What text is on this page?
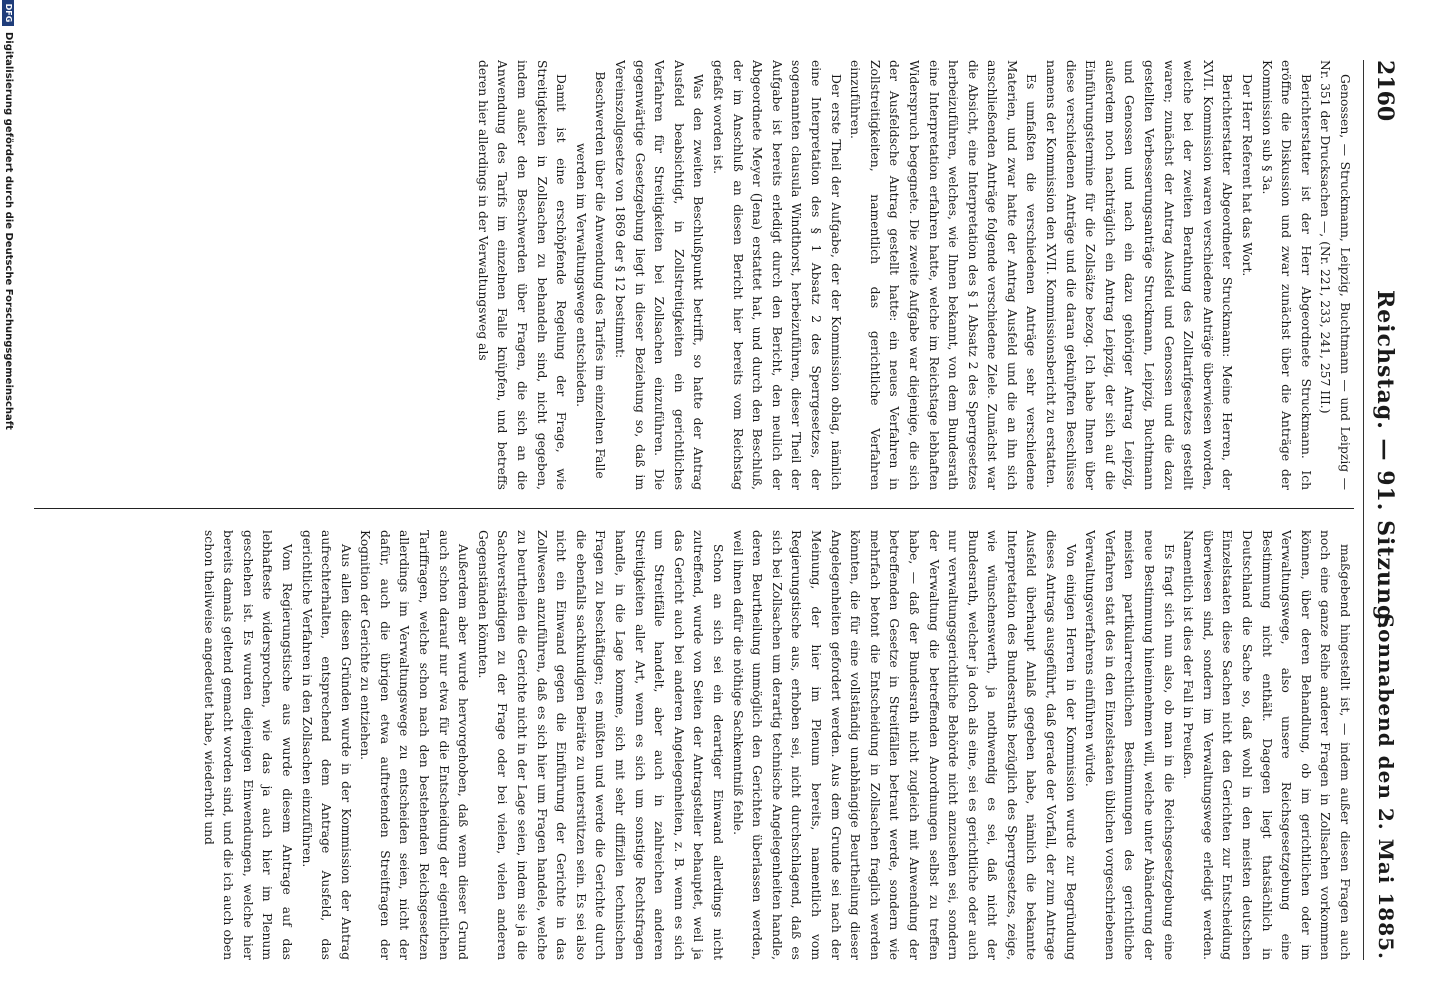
2160
Reichstag. — 91. Sitzung.
Sonnabend den 2. Mai 1885.

Genossen, — Struckmann, Leipzig, Buchtmann — und Leipzig — Nr. 351 der Drucksachen —, (Nr. 221, 233, 241, 257 III.)

Berichterstatter ist der Herr Abgeordnete Struckmann. Ich eröffne die Diskussion und zwar zunächst über die Anträge der Kommission sub § 3a.

Der Herr Referent hat das Wort.

Berichterstatter Abgeordneter Struckmann: Meine Herren, der XVII. Kommission waren verschiedene Anträge überwiesen worden, welche bei der zweiten Berathung des Zolltarifgesetzes gestellt waren; zunächst der Antrag Ausfeld und Genossen und die dazu gestellten Verbesserungsanträge Struckmann, Leipzig, Buchtmann und Genossen und nach ein dazu gehöriger Antrag Leipzig, außerdem noch nachträglich ein Antrag Leipzig, der sich auf die Einführungstermine für die Zollsätze bezog. Ich habe Ihnen über diese verschiedenen Anträge und die daran geknüpften Beschlüsse namens der Kommission den XVII. Kommissionsbericht zu erstatten.

Es umfaßten die verschiedenen Anträge sehr verschiedene Materien, und zwar hatte der Antrag Ausfeld und die an ihn sich anschließenden Anträge folgende verschiedene Ziele. Zunächst war die Absicht, eine Interpretation des § 1 Absatz 2 des Sperrgesetzes herbeizuführen, welches, wie Ihnen bekannt, von dem Bundesrath eine Interpretation erfahren hatte, welche im Reichstage lebhaften Widerspruch begegnete. Die zweite Aufgabe war diejenige, die sich der Ausfeldsche Antrag gestellt hatte: ein neues Verfahren in Zollstreitigkeiten, namentlich das gerichtliche Verfahren einzuführen.

Der erste Theil der Aufgabe, der der Kommission oblag, nämlich eine Interpretation des § 1 Absatz 2 des Sperrgesetzes, der sogenannten clausula Windthorst, herbeizuführen, dieser Theil der Aufgabe ist bereits erledigt durch den Bericht, den neulich der Abgeordnete Meyer (Jena) erstattet hat, und durch den Beschluß, der im Anschluß an diesen Bericht hier bereits vom Reichstag gefaßt worden ist.

Was den zweiten Beschlußpunkt betrifft, so hatte der Antrag Ausfeld beabsichtigt, in Zollstreitigkeiten ein gerichtliches Verfahren für Streitigkeiten bei Zollsachen einzuführen. Die gegenwärtige Gesetzgebung liegt in dieser Beziehung so, daß im Vereinszollgesetze von 1869 der § 12 bestimmt:

Beschwerden über die Anwendung des Tarifes im einzelnen Falle werden im Verwaltungswege entschieden.

Damit ist eine erschöpfende Regelung der Frage, wie Streitigkeiten in Zollsachen zu behandeln sind, nicht gegeben, indem außer den Beschwerden über Fragen, die sich an die Anwendung des Tarifs im einzelnen Falle knüpfen, und betreffs deren hier allerdings in der Verwaltungsweg als

maßgebend hingestellt ist, — indem außer diesen Fragen auch noch eine ganze Reihe anderer Fragen in Zollsachen vorkommen können, über deren Behandlung, ob im gerichtlichen oder im Verwaltungswege, also unsere Reichsgesetzgebung eine Bestimmung nicht enthält. Dagegen liegt thatsächlich in Deutschland die Sache so, daß wohl in den meisten deutschen Einzelstaaten diese Sachen nicht den Gerichten zur Entscheidung überwiesen sind, sondern im Verwaltungswege erledigt werden. Namentlich ist dies der Fall in Preußen.

Es fragt sich nun also, ob man in die Reichsgesetzgebung eine neue Bestimmung hineinnehmen will, welche unter Abänderung der meisten partikularrechtlichen Bestimmungen des gerichtliche Verfahren statt des in den Einzelstaaten üblichen vorgeschriebenen Verwaltungsverfahrens einführen würde.

Von einigen Herren in der Kommission wurde zur Begründung dieses Antrags ausgeführt, daß gerade der Vorfall, der zum Antrage Ausfeld überhaupt Anlaß gegeben habe, nämlich die bekannte Interpretation des Bundesraths bezüglich des Sperrgesetzes, zeige, wie wünschenswerth, ja nothwendig es sei, daß nicht der Bundesrath, welcher ja doch als eine, sei es gerichtliche oder auch nur verwaltungsgerichtliche Behörde nicht anzusehen sei, sondern der Verwaltung die betreffenden Anordnungen selbst zu treffen habe, — daß der Bundesrath nicht zugleich mit Anwendung der betreffenden Gesetze in Streitfällen betraut werde, sondern wie mehrfach betont die Entscheidung in Zollsachen fraglich werden könnten, die für eine vollständig unabhängige Beurtheilung dieser Angelegenheiten gefordert werden. Aus dem Grunde sei nach der Meinung, der hier im Plenum bereits, namentlich vom Regierungstische aus, erhoben sei, nicht durchschlagend, daß es sich bei Zollsachen um derartig technische Angelegenheiten handle, deren Beurtheilung unmöglich den Gerichten überlassen werden, weil ihnen dafür die nöthige Sachkenntniß fehle.

Schon an sich sei ein derartiger Einwand allerdings nicht zutreffend, wurde von Seiten der Antragsteller behauptet, weil ja das Gericht auch bei anderen Angelegenheiten, z. B. wenn es sich um Streitfälle handelt, aber auch in zahlreichen anderen Streitigkeiten aller Art, wenn es sich um sonstige Rechtsfragen handle, in die Lage komme, sich mit sehr diffizilen technischen Fragen zu beschäftigen; es müßten und werde die Gerichte durch die ebenfalls sachkundigen Beiräte zu unterstützen sein. Es sei also nicht ein Einwand gegen die Einführung der Gerichte in das Zollwesen anzuführen, daß es sich hier um Fragen handele, welche zu beurtheilen die Gerichte nicht in der Lage seien, indem sie ja die Sachverständigen zu der Frage oder bei vielen, vielen anderen Gegenständen könnten.

Außerdem aber wurde hervorgehoben, daß wenn dieser Grund auch schon darauf nur etwa für die Entscheidung der eigentlichen Tariffragen, welche schon nach den bestehenden Reichsgesetzen allerdings im Verwaltungswege zu entscheiden seien, nicht der dafür, auch die übrigen etwa auftretenden Streitfragen der Kognition der Gerichte zu entziehen.

Aus allen diesen Gründen wurde in der Kommission der Antrag aufrechterhalten, entsprechend dem Antrage Ausfeld, das gerichtliche Verfahren in den Zollsachen einzuführen.

Vom Regierungstische aus wurde diesem Antrage auf das lebhafteste widersprochen, wie das ja auch hier im Plenum geschehen ist. Es wurden diejenigen Einwendungen, welche hier bereits damals geltend gemacht worden sind, und die ich auch oben schon theilweise angedeutet habe, wiederholt und

DFG
Digitalisierung gefördert durch die Deutsche Forschungsgemeinschaft
